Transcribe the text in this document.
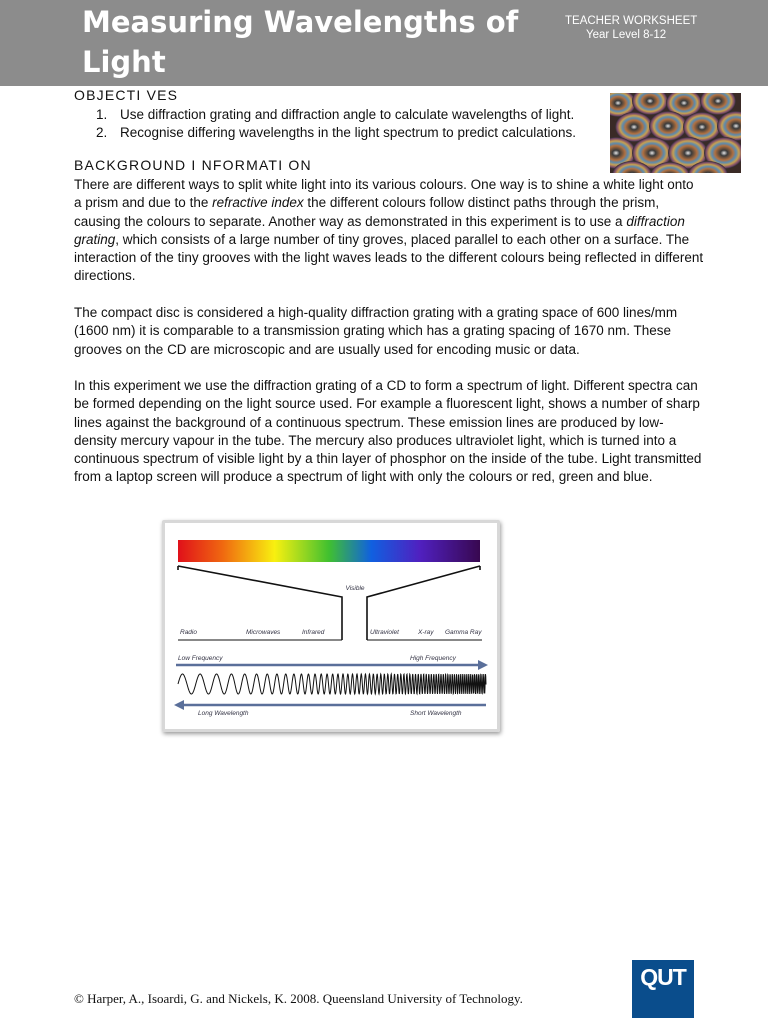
Measuring Wavelengths of Light
TEACHER WORKSHEET
Year Level 8-12
OBJECTI VES
1. Use diffraction grating and diffraction angle to calculate wavelengths of light.
2. Recognise differing wavelengths in the light spectrum to predict calculations.
BACKGROUND I NFORMATI ON

There are different ways to split white light into its various colours. One way is to shine a white light onto a prism and due to the refractive index the different colours follow distinct paths through the prism, causing the colours to separate. Another way as demonstrated in this experiment is to use a diffraction grating, which consists of a large number of tiny groves, placed parallel to each other on a surface. The interaction of the tiny grooves with the light waves leads to the different colours being reflected in different directions.

The compact disc is considered a high-quality diffraction grating with a grating space of 600 lines/mm (1600 nm) it is comparable to a transmission grating which has a grating spacing of 1670 nm. These grooves on the CD are microscopic and are usually used for encoding music or data.

In this experiment we use the diffraction grating of a CD to form a spectrum of light. Different spectra can be formed depending on the light source used. For example a fluorescent light, shows a number of sharp lines against the background of a continuous spectrum. These emission lines are produced by low-density mercury vapour in the tube. The mercury also produces ultraviolet light, which is turned into a continuous spectrum of visible light by a thin layer of phosphor on the inside of the tube. Light transmitted from a laptop screen will produce a spectrum of light with only the colours or red, green and blue.

Visible
Radio	Microwaves	Infrared	Ultraviolet	X-ray Gamma Ray
Low Frequency	High Frequency
Long Wavelength	Short Wavelength
© Harper, A., Isoardi, G. and Nickels, K. 2008. Queensland University of Technology.
QUT
